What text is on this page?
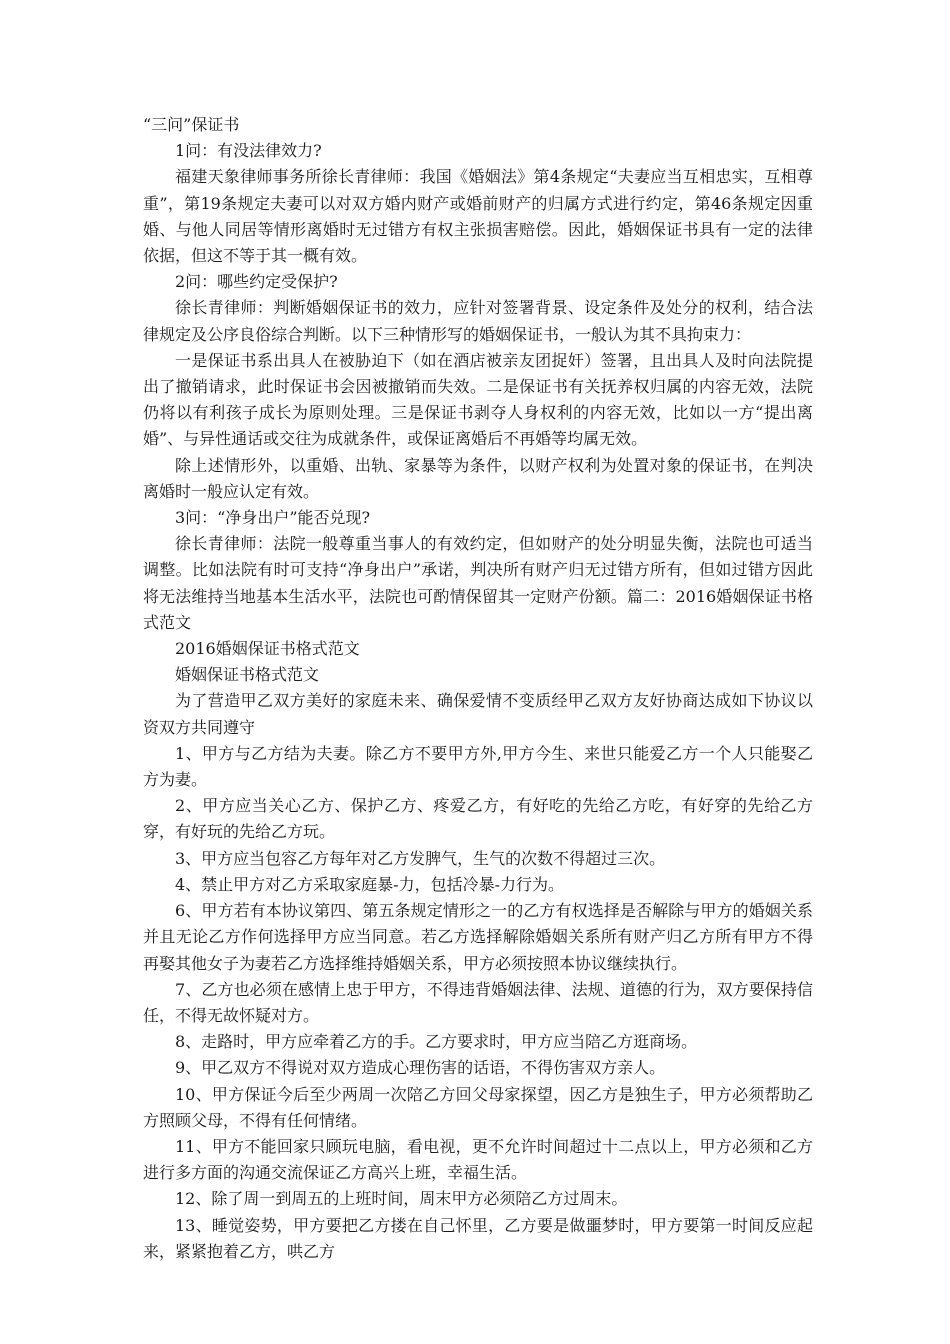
“三问”保证书

1问：有没法律效力?

福建天象律师事务所徐长青律师：我国《婚姻法》第4条规定“夫妻应当互相忠实，互相尊重”，第19条规定夫妻可以对双方婚内财产或婚前财产的归属方式进行约定，第46条规定因重婚、与他人同居等情形离婚时无过错方有权主张损害赔偿。因此，婚姻保证书具有一定的法律依据，但这不等于其一概有效。

2问：哪些约定受保护?

徐长青律师：判断婚姻保证书的效力，应针对签署背景、设定条件及处分的权利，结合法律规定及公序良俗综合判断。以下三种情形写的婚姻保证书，一般认为其不具拘束力：

一是保证书系出具人在被胁迫下（如在酒店被亲友团捉奸）签署，且出具人及时向法院提出了撤销请求，此时保证书会因被撤销而失效。二是保证书有关抚养权归属的内容无效，法院仍将以有利孩子成长为原则处理。三是保证书剥夺人身权利的内容无效，比如以一方“提出离婚”、与异性通话或交往为成就条件，或保证离婚后不再婚等均属无效。

除上述情形外，以重婚、出轨、家暴等为条件，以财产权利为处置对象的保证书，在判决离婚时一般应认定有效。

3问：“净身出户”能否兑现?

徐长青律师：法院一般尊重当事人的有效约定，但如财产的处分明显失衡，法院也可适当调整。比如法院有时可支持“净身出户”承诺，判决所有财产归无过错方所有，但如过错方因此将无法维持当地基本生活水平，法院也可酌情保留其一定财产份额。篇二：2016婚姻保证书格式范文

2016婚姻保证书格式范文

婚姻保证书格式范文

为了营造甲乙双方美好的家庭未来、确保爱情不变质经甲乙双方友好协商达成如下协议以资双方共同遵守

1、甲方与乙方结为夫妻。除乙方不要甲方外,甲方今生、来世只能爱乙方一个人只能娶乙方为妻。

2、甲方应当关心乙方、保护乙方、疼爱乙方，有好吃的先给乙方吃，有好穿的先给乙方穿，有好玩的先给乙方玩。

3、甲方应当包容乙方每年对乙方发脾气，生气的次数不得超过三次。

4、禁止甲方对乙方采取家庭暴-力，包括冷暴-力行为。

6、甲方若有本协议第四、第五条规定情形之一的乙方有权选择是否解除与甲方的婚姻关系并且无论乙方作何选择甲方应当同意。若乙方选择解除婚姻关系所有财产归乙方所有甲方不得再娶其他女子为妻若乙方选择维持婚姻关系，甲方必须按照本协议继续执行。

7、乙方也必须在感情上忠于甲方，不得违背婚姻法律、法规、道德的行为，双方要保持信任，不得无故怀疑对方。

8、走路时，甲方应牵着乙方的手。乙方要求时，甲方应当陪乙方逛商场。

9、甲乙双方不得说对双方造成心理伤害的话语，不得伤害双方亲人。

10、甲方保证今后至少两周一次陪乙方回父母家探望，因乙方是独生子，甲方必须帮助乙方照顾父母，不得有任何情绪。

11、甲方不能回家只顾玩电脑，看电视，更不允许时间超过十二点以上，甲方必须和乙方进行多方面的沟通交流保证乙方高兴上班，幸福生活。

12、除了周一到周五的上班时间，周末甲方必须陪乙方过周末。

13、睡觉姿势，甲方要把乙方搂在自己怀里，乙方要是做噩梦时，甲方要第一时间反应起来，紧紧抱着乙方，哄乙方
